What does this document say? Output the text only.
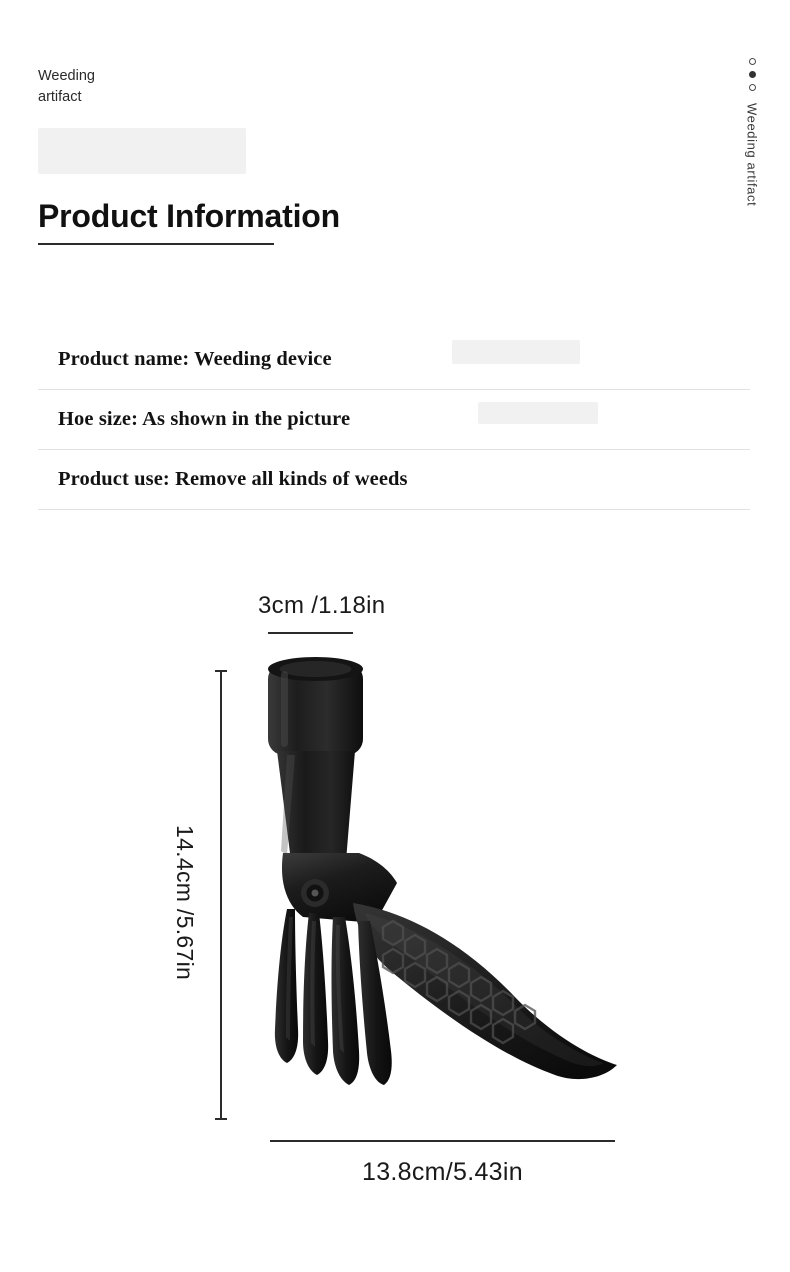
Weeding
artifact
Weeding artifact
Product Information
Product name: Weeding device
Hoe size: As shown in the picture
Product use: Remove all kinds of weeds
3cm /1.18in
14.4cm /5.67in
13.8cm/5.43in
